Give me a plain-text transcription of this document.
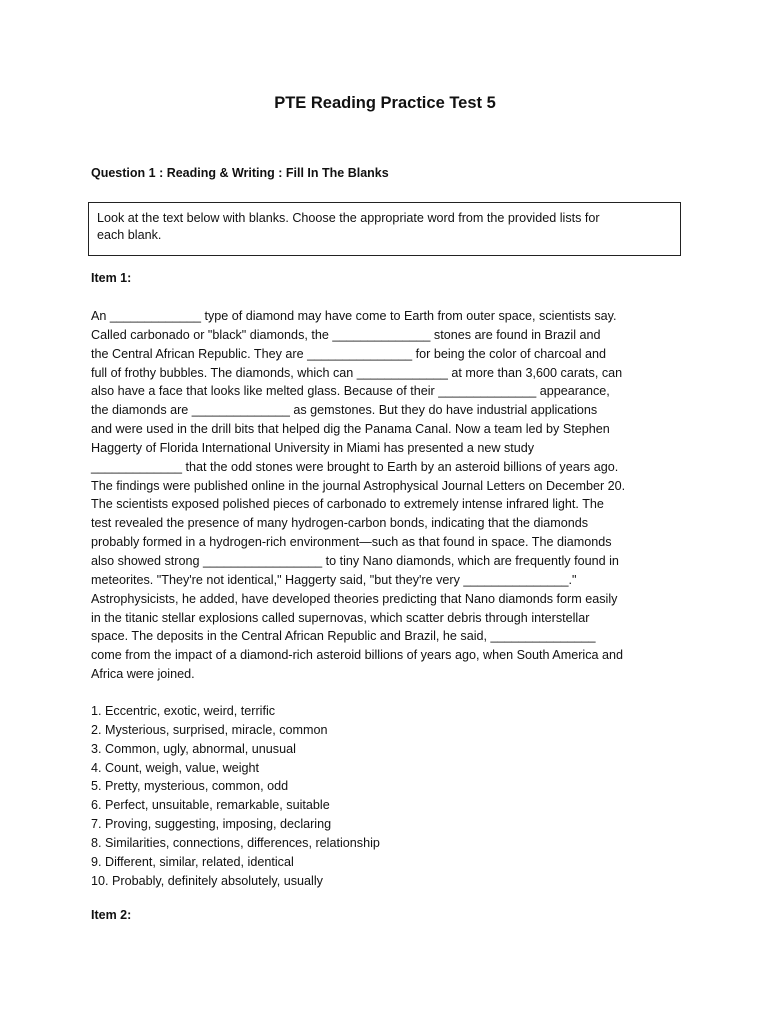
PTE Reading Practice Test 5
Question 1 : Reading & Writing : Fill In The Blanks
Look at the text below with blanks. Choose the appropriate word from the provided lists for
each blank.
Item 1:
An _____________ type of diamond may have come to Earth from outer space, scientists say.
Called carbonado or "black" diamonds, the ______________ stones are found in Brazil and
the Central African Republic. They are _______________ for being the color of charcoal and
full of frothy bubbles. The diamonds, which can _____________ at more than 3,600 carats, can
also have a face that looks like melted glass. Because of their ______________ appearance,
the diamonds are ______________ as gemstones. But they do have industrial applications
and were used in the drill bits that helped dig the Panama Canal. Now a team led by Stephen
Haggerty of Florida International University in Miami has presented a new study
_____________ that the odd stones were brought to Earth by an asteroid billions of years ago.
The findings were published online in the journal Astrophysical Journal Letters on December 20.
The scientists exposed polished pieces of carbonado to extremely intense infrared light. The
test revealed the presence of many hydrogen-carbon bonds, indicating that the diamonds
probably formed in a hydrogen-rich environment—such as that found in space. The diamonds
also showed strong _________________ to tiny Nano diamonds, which are frequently found in
meteorites. "They're not identical," Haggerty said, "but they're very _______________."
Astrophysicists, he added, have developed theories predicting that Nano diamonds form easily
in the titanic stellar explosions called supernovas, which scatter debris through interstellar
space. The deposits in the Central African Republic and Brazil, he said, _______________
come from the impact of a diamond-rich asteroid billions of years ago, when South America and
Africa were joined.
1. Eccentric, exotic, weird, terrific
2. Mysterious, surprised, miracle, common
3. Common, ugly, abnormal, unusual
4. Count, weigh, value, weight
5. Pretty, mysterious, common, odd
6. Perfect, unsuitable, remarkable, suitable
7. Proving, suggesting, imposing, declaring
8. Similarities, connections, differences, relationship
9. Different, similar, related, identical
10. Probably, definitely absolutely, usually
Item 2:
